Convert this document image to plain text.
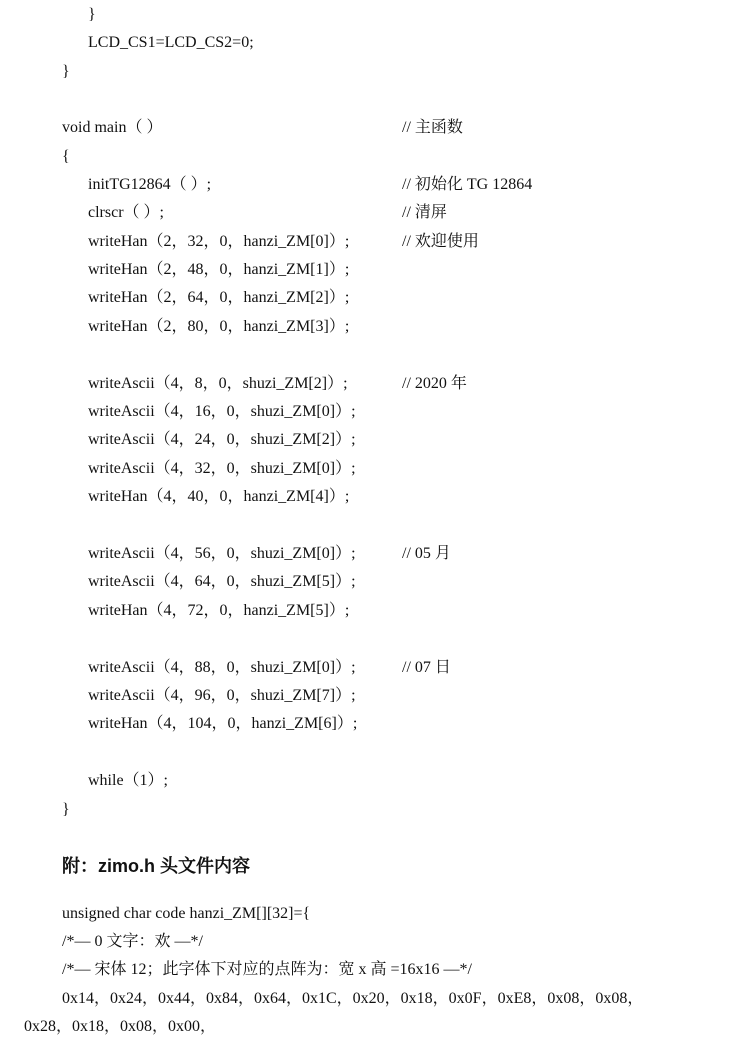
}
LCD_CS1=LCD_CS2=0;
}
void main（ ）	// 主函数
{
initTG12864（ ）;	// 初始化 TG 12864
clrscr（ ）;	// 清屏
writeHan（2，32，0，hanzi_ZM[0]）;	// 欢迎使用
writeHan（2，48，0，hanzi_ZM[1]）;
writeHan（2，64，0，hanzi_ZM[2]）;
writeHan（2，80，0，hanzi_ZM[3]）;
writeAscii（4，8，0，shuzi_ZM[2]）;	// 2020 年
writeAscii（4，16，0，shuzi_ZM[0]）;
writeAscii（4，24，0，shuzi_ZM[2]）;
writeAscii（4，32，0，shuzi_ZM[0]）;
writeHan（4，40，0，hanzi_ZM[4]）;
writeAscii（4，56，0，shuzi_ZM[0]）;	// 05 月
writeAscii（4，64，0，shuzi_ZM[5]）;
writeHan（4，72，0，hanzi_ZM[5]）;
writeAscii（4，88，0，shuzi_ZM[0]）;	// 07 日
writeAscii（4，96，0，shuzi_ZM[7]）;
writeHan（4，104，0，hanzi_ZM[6]）;
while（1）;
}
附：zimo.h 头文件内容
unsigned char code hanzi_ZM[][32]={
/*— 0 文字：欢 —*/
/*— 宋体 12；此字体下对应的点阵为：宽 x 高 =16x16 —*/
0x14，0x24，0x44，0x84，0x64，0x1C，0x20，0x18，0x0F，0xE8，0x08，0x08，
0x28，0x18，0x08，0x00，
